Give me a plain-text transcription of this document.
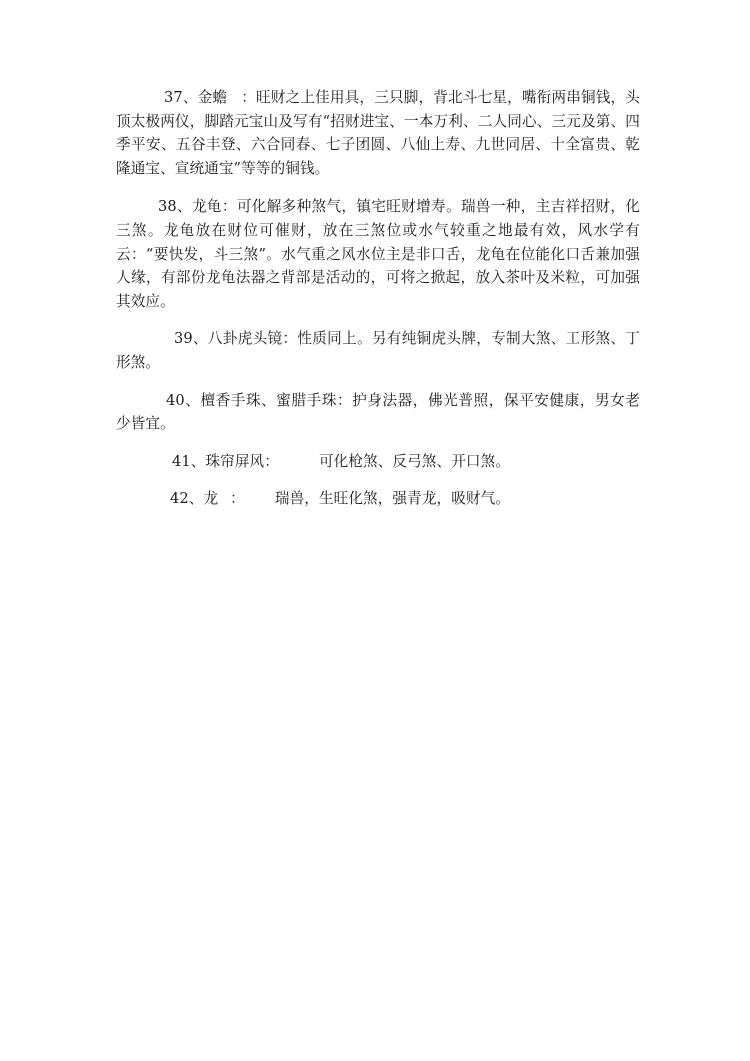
37、金蟾 ：旺财之上佳用具，三只脚，背北斗七星，嘴衔两串铜钱，头顶太极两仪，脚踏元宝山及写有“招财进宝、一本万利、二人同心、三元及第、四季平安、五谷丰登、六合同春、七子团圆、八仙上寿、九世同居、十全富贵、乾隆通宝、宣统通宝”等等的铜钱。

38、龙龟：可化解多种煞气，镇宅旺财增寿。瑞兽一种，主吉祥招财，化三煞。龙龟放在财位可催财，放在三煞位或水气较重之地最有效，风水学有云：“要快发，斗三煞”。水气重之风水位主是非口舌，龙龟在位能化口舌兼加强人缘，有部份龙龟法器之背部是活动的，可将之掀起，放入茶叶及米粒，可加强其效应。

39、八卦虎头镜：性质同上。另有纯铜虎头牌，专制大煞、工形煞、丁形煞。

40、檀香手珠、蜜腊手珠：护身法器，佛光普照，保平安健康，男女老少皆宜。

41、珠帘屏风：	可化枪煞、反弓煞、开口煞。

42、龙 ： 瑞兽，生旺化煞，强青龙，吸财气。
